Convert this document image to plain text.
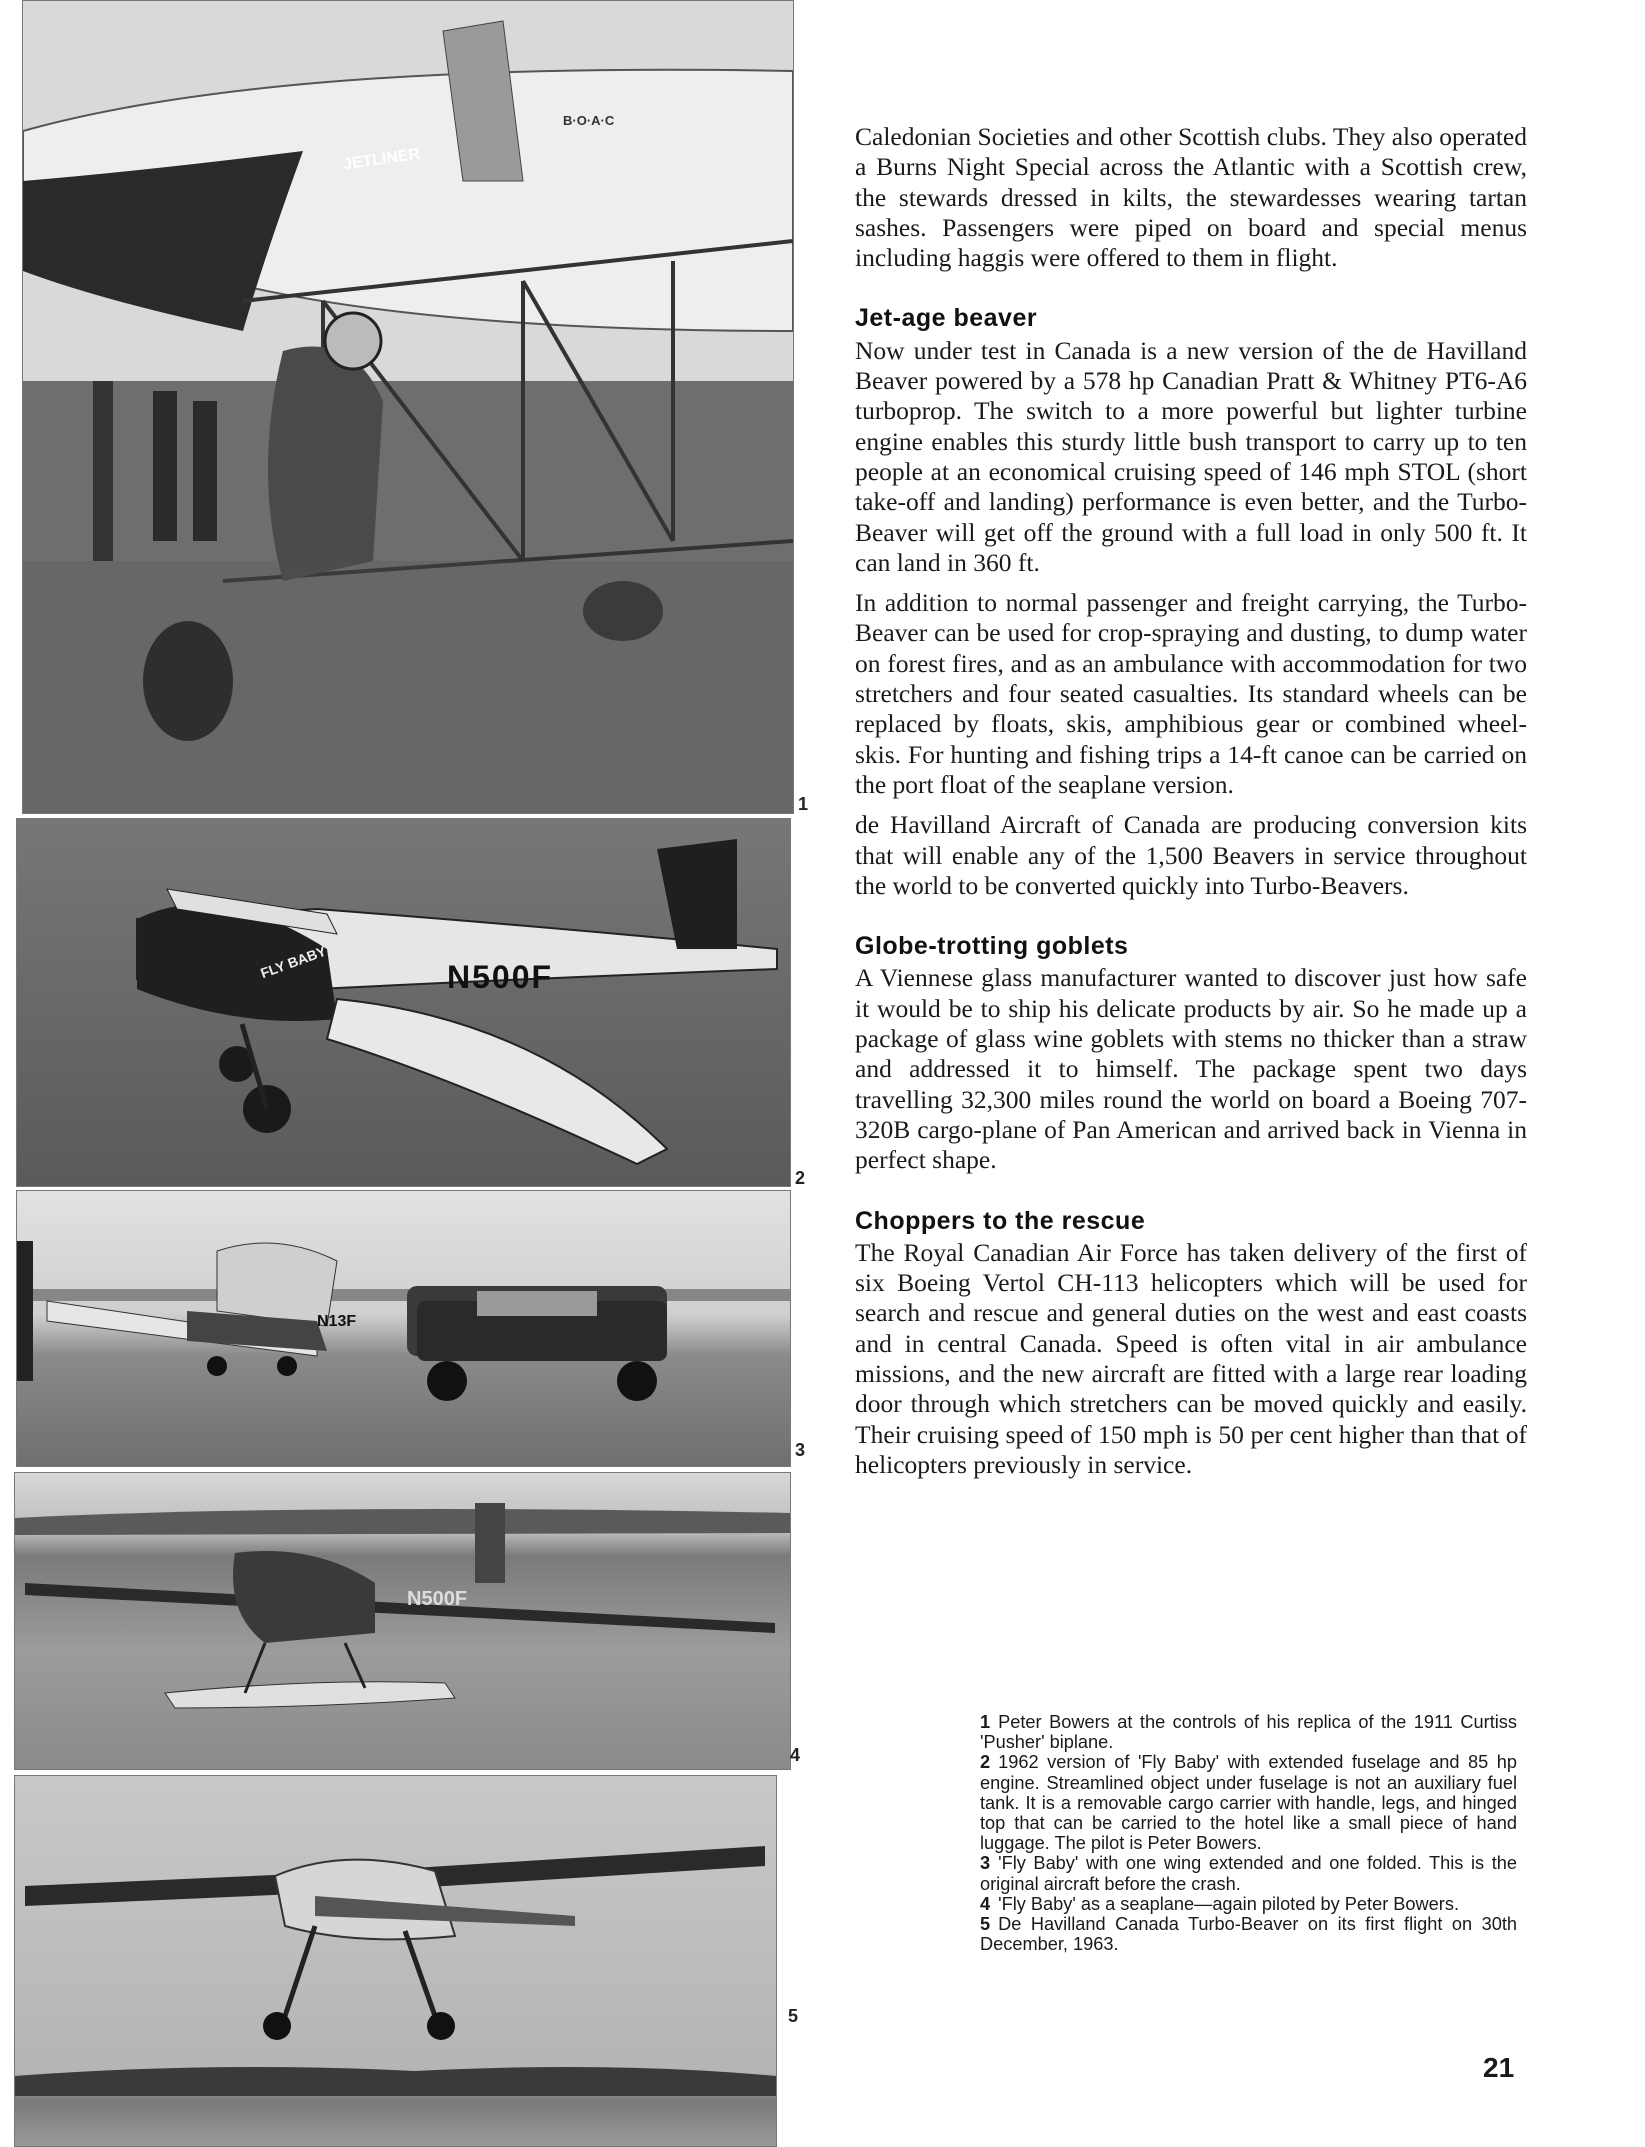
JETLINER
B·O·A·C
1
FLY BABY	N500F
2
N13F
3
N500F
4
5

Caledonian Societies and other Scottish clubs. They also operated a Burns Night Special across the Atlantic with a Scottish crew, the stewards dressed in kilts, the stewardesses wearing tartan sashes. Passengers were piped on board and special menus including haggis were offered to them in flight.

Jet-age beaver

Now under test in Canada is a new version of the de Havilland Beaver powered by a 578 hp Canadian Pratt & Whitney PT6-A6 turboprop. The switch to a more powerful but lighter turbine engine enables this sturdy little bush transport to carry up to ten people at an economical cruising speed of 146 mph STOL (short take-off and landing) performance is even better, and the Turbo-Beaver will get off the ground with a full load in only 500 ft. It can land in 360 ft.

In addition to normal passenger and freight carrying, the Turbo-Beaver can be used for crop-spraying and dusting, to dump water on forest fires, and as an ambulance with accommodation for two stretchers and four seated casualties. Its standard wheels can be replaced by floats, skis, amphibious gear or combined wheel-skis. For hunting and fishing trips a 14-ft canoe can be carried on the port float of the seaplane version.

de Havilland Aircraft of Canada are producing conversion kits that will enable any of the 1,500 Beavers in service throughout the world to be converted quickly into Turbo-Beavers.

Globe-trotting goblets

A Viennese glass manufacturer wanted to discover just how safe it would be to ship his delicate products by air. So he made up a package of glass wine goblets with stems no thicker than a straw and addressed it to himself. The package spent two days travelling 32,300 miles round the world on board a Boeing 707-320B cargo-plane of Pan American and arrived back in Vienna in perfect shape.

Choppers to the rescue

The Royal Canadian Air Force has taken delivery of the first of six Boeing Vertol CH-113 helicopters which will be used for search and rescue and general duties on the west and east coasts and in central Canada. Speed is often vital in air ambulance missions, and the new aircraft are fitted with a large rear loading door through which stretchers can be moved quickly and easily. Their cruising speed of 150 mph is 50 per cent higher than that of helicopters previously in service.

1 Peter Bowers at the controls of his replica of the 1911 Curtiss 'Pusher' biplane.

2 1962 version of 'Fly Baby' with extended fuselage and 85 hp engine. Streamlined object under fuselage is not an auxiliary fuel tank. It is a removable cargo carrier with handle, legs, and hinged top that can be carried to the hotel like a small piece of hand luggage. The pilot is Peter Bowers.

3 'Fly Baby' with one wing extended and one folded. This is the original aircraft before the crash.

4 'Fly Baby' as a seaplane—again piloted by Peter Bowers.

5 De Havilland Canada Turbo-Beaver on its first flight on 30th December, 1963.

21
